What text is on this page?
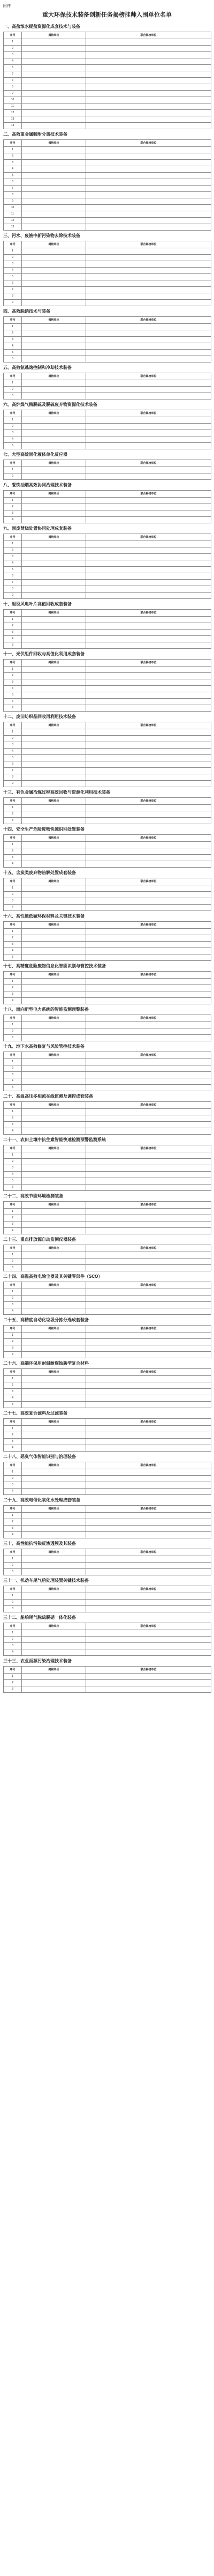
附件
重大环保技术装备创新任务揭榜挂帅入围单位名单
一、高盐浓水提盐资源化成套技术与装备
序号	揭榜单位	联合揭榜单位
1		
2		
3		
4		
5		
6		
7		
8		
9		
10		
11		
12		
13		
14		
二、高效重金属吸附分离技术装备
序号	揭榜单位	联合揭榜单位
1		
2		
3		
4		
5		
6		
7		
8		
9		
10		
11		
12		
13		
三、污水、废液中新污染物去除技术装备
序号	揭榜单位	联合揭榜单位
1		
2		
3		
4		
5		
6		
7		
8		
9		
四、高效脱硝技术与装备
序号	揭榜单位	联合揭榜单位
1		
2		
3		
4		
5		
6		
五、高效氨逃逸控制和冷却技术装备
序号	揭榜单位	联合揭榜单位
1		
2		
3		
六、高炉煤气精脱硫及脱硫废弃物资源化技术装备
序号	揭榜单位	联合揭榜单位
1		
2		
3		
4		
5		
七、大型高效固化液体单化反应器
序号	揭榜单位	联合揭榜单位
1		
2		
八、餐饮油烟高效协同治理技术装备
序号	揭榜单位	联合揭榜单位
1		
2		
3		
4		
九、固废焚烧处置协同处理成套装备
序号	揭榜单位	联合揭榜单位
1		
2		
3		
4		
5		
6		
7		
8		
9		
十、退役风电叶片高值回收成套装备
序号	揭榜单位	联合揭榜单位
1		
2		
3		
4		
5		
十一、光伏组件回收与高值化利用成套装备
序号	揭榜单位	联合揭榜单位
1		
2		
3		
4		
5		
6		
7		
十二、废旧纺织品回收再利用技术装备
序号	揭榜单位	联合揭榜单位
1		
2		
3		
4		
5		
6		
7		
8		
9		
十三、有色金属冶炼过程高效回收与资源化利用技术装备
序号	揭榜单位	联合揭榜单位
1		
2		
3		
十四、安全生产危险废物快速识别处置装备
序号	揭榜单位	联合揭榜单位
1		
2		
3		
4		
十五、含炭类废弃物热解处置成套装备
序号	揭榜单位	联合揭榜单位
1		
2		
3		
4		
十六、高性能低碳环保材料及关键技术装备
序号	揭榜单位	联合揭榜单位
1		
2		
3		
4		
5		
十七、高精度危险废物信息化智能识别与管控技术装备
序号	揭榜单位	联合揭榜单位
1		
2		
3		
4		
十八、面向新型电力系统的智能监测预警装备
序号	揭榜单位	联合揭榜单位
1		
2		
3		
十九、地下水高效修复与风险管控技术装备
序号	揭榜单位	联合揭榜单位
1		
2		
3		
4		
5		
二十、高温高压多相流在线监测及调控成套装备
序号	揭榜单位	联合揭榜单位
1		
2		
3		
4		
二十一、农田土壤中抗生素智能快速检测预警监测系统
序号	揭榜单位	联合揭榜单位
1		
2		
3		
4		
5		
6		
二十二、高效节能环境检测装备
序号	揭榜单位	联合揭榜单位
1		
2		
3		
4		
二十三、重点排放源自动监测仪器装备
序号	揭榜单位	联合揭榜单位
1		
2		
3		
二十四、高温高效电除尘器及其关键零部件（SCO）
序号	揭榜单位	联合揭榜单位
1		
2		
3		
4		
二十五、高精度自动化垃圾分拣分选成套装备
序号	揭榜单位	联合揭榜单位
1		
2		
3		
4		
二十六、高端环保用耐温耐腐蚀新型复合材料
序号	揭榜单位	联合揭榜单位
1		
2		
3		
4		
5		
二十七、高效复合滤料及过滤装备
序号	揭榜单位	联合揭榜单位
1		
2		
3		
4		
二十八、恶臭气体智能识别与治理装备
序号	揭榜单位	联合揭榜单位
1		
2		
3		
4		
二十九、高效电催化氧化水处理成套装备
序号	揭榜单位	联合揭榜单位
1		
2		
3		
4		
三十、高性能抗污染反渗透膜及其装备
序号	揭榜单位	联合揭榜单位
1		
2		
3		
三十一、机动车尾气后处理装置关键技术装备
序号	揭榜单位	联合揭榜单位
1		
2		
3		
三十二、船舶尾气脱硫脱硝一体化装备
序号	揭榜单位	联合揭榜单位
1		
2		
3		
4		
三十三、农业面源污染治理技术装备
序号	揭榜单位	联合揭榜单位
1		
2		
3		
